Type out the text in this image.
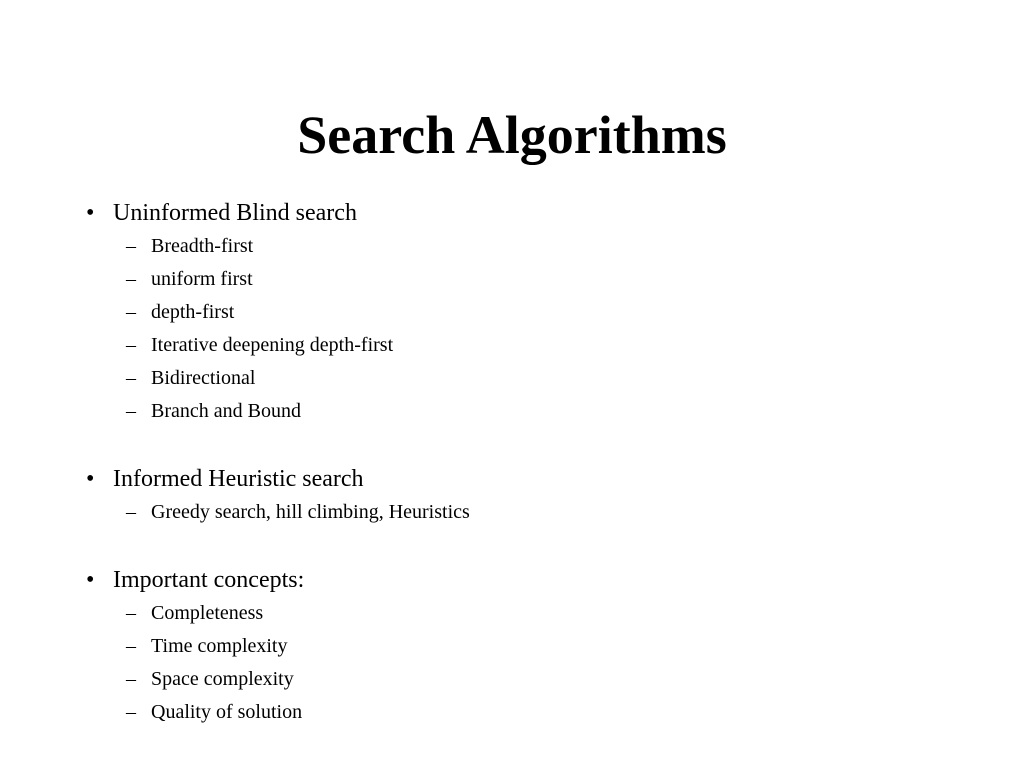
Search Algorithms
• Uninformed Blind search
– Breadth-first
– uniform first
– depth-first
– Iterative deepening depth-first
– Bidirectional
– Branch and Bound
• Informed Heuristic search
– Greedy search, hill climbing, Heuristics
• Important concepts:
– Completeness
– Time complexity
– Space complexity
– Quality of solution
